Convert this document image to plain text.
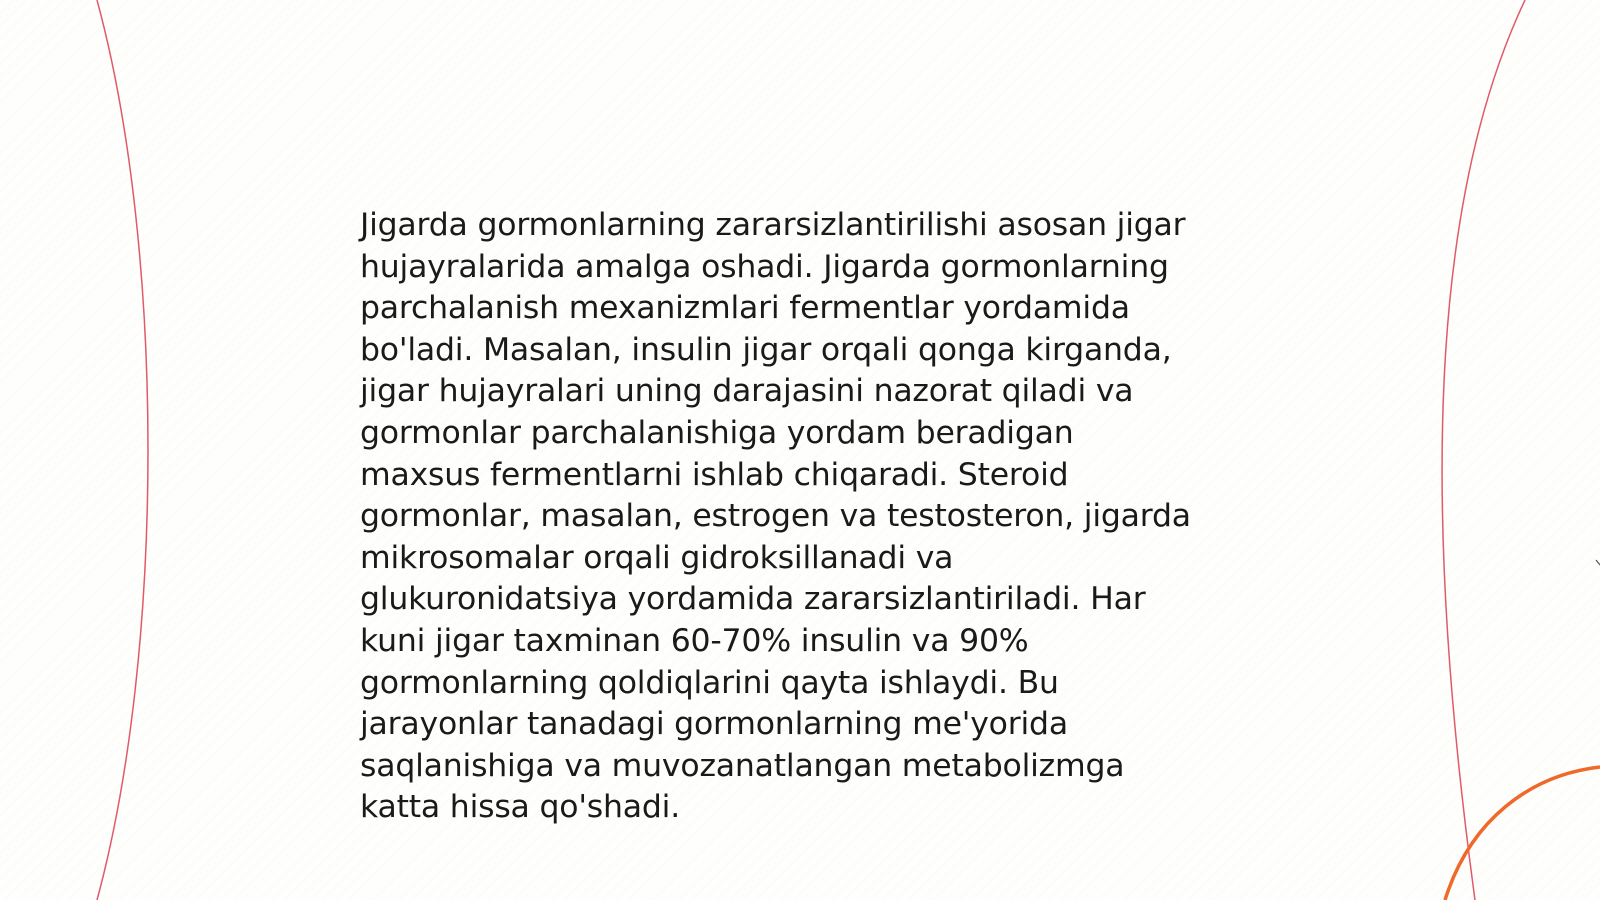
Jigarda gormonlarning zararsizlantirilishi asosan jigar
hujayralarida amalga oshadi. Jigarda gormonlarning
parchalanish mexanizmlari fermentlar yordamida
bo'ladi. Masalan, insulin jigar orqali qonga kirganda,
jigar hujayralari uning darajasini nazorat qiladi va
gormonlar parchalanishiga yordam beradigan
maxsus fermentlarni ishlab chiqaradi. Steroid
gormonlar, masalan, estrogen va testosteron, jigarda
mikrosomalar orqali gidroksillanadi va
glukuronidatsiya yordamida zararsizlantiriladi. Har
kuni jigar taxminan 60-70% insulin va 90%
gormonlarning qoldiqlarini qayta ishlaydi. Bu
jarayonlar tanadagi gormonlarning me'yorida
saqlanishiga va muvozanatlangan metabolizmga
katta hissa qo'shadi.
